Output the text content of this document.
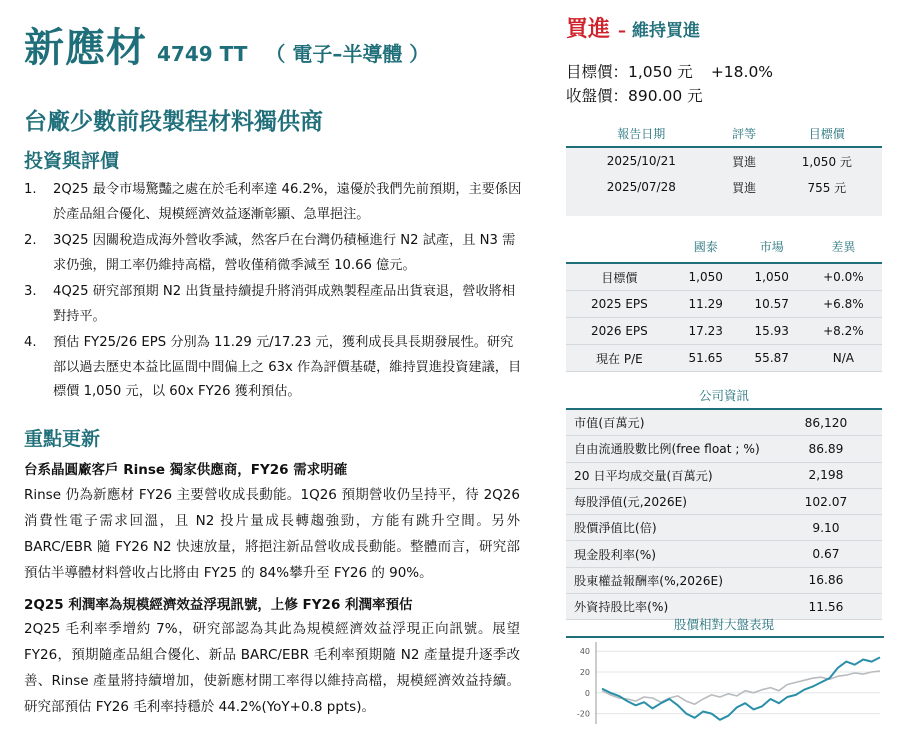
新應材 4749 TT （ 電子–半導體 ）
台廠少數前段製程材料獨供商
投資與評價
1. 2Q25 最令市場驚豔之處在於毛利率達 46.2%，遠優於我們先前預期，主要係因於產品組合優化、規模經濟效益逐漸彰顯、急單挹注。
2. 3Q25 因關稅造成海外營收季減，然客戶在台灣仍積極進行 N2 試產，且 N3 需求仍強，開工率仍維持高檔，營收僅稍微季減至 10.66 億元。
3. 4Q25 研究部預期 N2 出貨量持續提升將消弭成熟製程產品出貨衰退，營收將相對持平。
4. 預估 FY25/26 EPS 分別為 11.29 元/17.23 元，獲利成長具長期發展性。研究部以過去歷史本益比區間中間偏上之 63x 作為評價基礎，維持買進投資建議，目標價 1,050 元，以 60x FY26 獲利預估。
重點更新
台系晶圓廠客戶 Rinse 獨家供應商，FY26 需求明確
Rinse 仍為新應材 FY26 主要營收成長動能。1Q26 預期營收仍呈持平，待 2Q26 消費性電子需求回溫，且 N2 投片量成長轉趨強勁，方能有跳升空間。另外 BARC/EBR 隨 FY26 N2 快速放量，將挹注新品營收成長動能。整體而言，研究部預估半導體材料營收占比將由 FY25 的 84%攀升至 FY26 的 90%。
2Q25 利潤率為規模經濟效益浮現訊號，上修 FY26 利潤率預估
2Q25 毛利率季增約 7%，研究部認為其此為規模經濟效益浮現正向訊號。展望 FY26，預期隨產品組合優化、新品 BARC/EBR 毛利率預期隨 N2 產量提升逐季改善、Rinse 產量將持續增加，使新應材開工率得以維持高檔，規模經濟效益持續。研究部預估 FY26 毛利率持穩於 44.2%(YoY+0.8 ppts)。
買進 – 維持買進
目標價：1,050 元 +18.0%
收盤價：890.00 元
報告日期	評等	目標價
2025/10/21	買進	1,050 元
2025/07/28	買進	755 元
	國泰	市場	差異
目標價	1,050	1,050	+0.0%
2025 EPS	11.29	10.57	+6.8%
2026 EPS	17.23	15.93	+8.2%
現在 P/E	51.65	55.87	N/A
公司資訊
市值(百萬元)	86,120
自由流通股數比例(free float ; %)	86.89
20 日平均成交量(百萬元)	2,198
每股淨值(元,2026E)	102.07
股價淨值比(倍)	9.10
現金股利率(%)	0.67
股東權益報酬率(%,2026E)	16.86
外資持股比率(%)	11.56
股價相對大盤表現
40
20
0
-20
